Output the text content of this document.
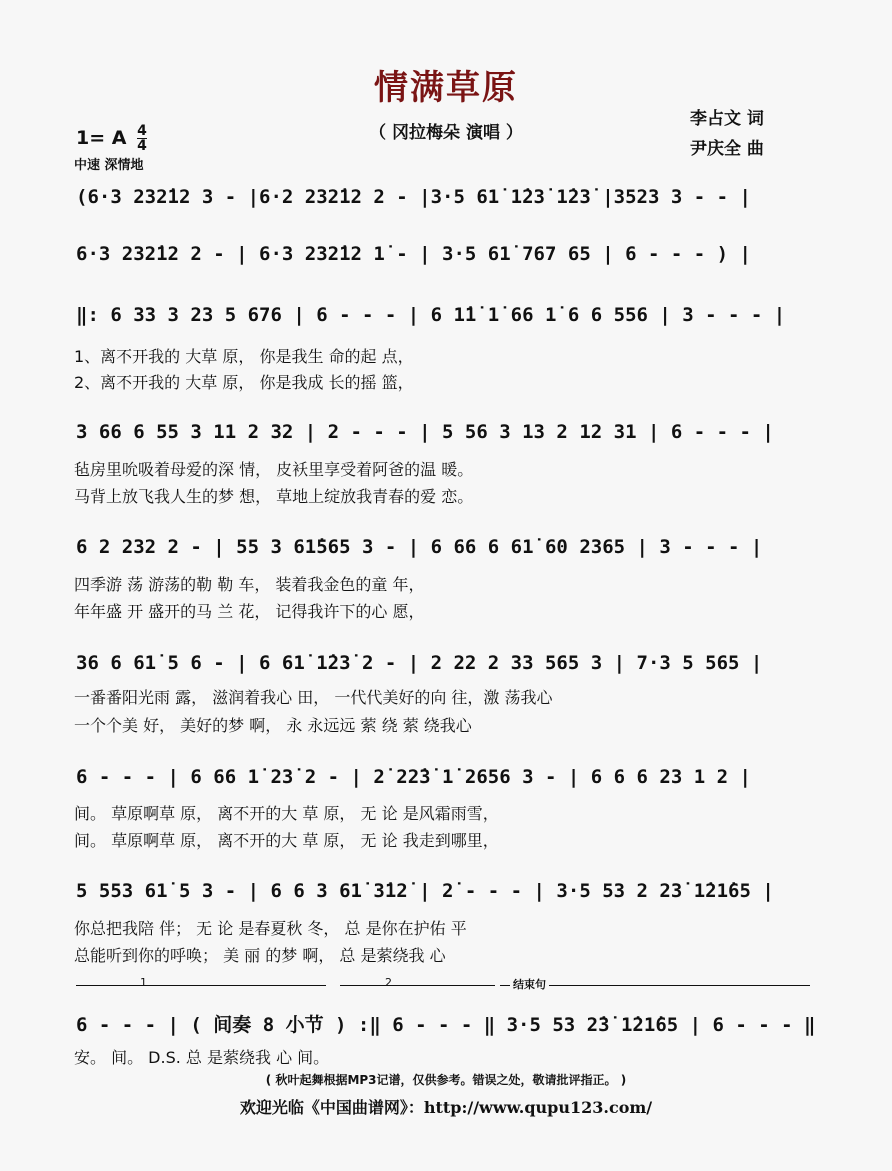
情满草原
（ 冈拉梅朵 演唱 ）
李占文 词
尹庆全 曲
1= A $\frac{4}{4}$
中速 深情地
(6·3 232̇12 3 - |6·2 232̇12 2 - |3·5 61̇ 1̇23̇ 1̇23̇ |3523 3 - - |
6·3 232̇12 2 - | 6·3 232̇12 1̇ - | 3·5 61̇ 767 65 | 6 - - - ) |
‖: 6 33 3 23 5 676 | 6 - - - | 6 1̇1̇ 1̇ 66 1̇ 6 6 556 | 3 - - - |
1、离不开我的 大草 原， 你是我生 命的起 点，
2、离不开我的 大草 原， 你是我成 长的摇 篮，
3 66 6 55 3 11 2 32 | 2 - - - | 5 56 3 13 2 12 31 | 6 - - - |
毡房里吮吸着母爱的深 情， 皮袄里享受着阿爸的温 暖。
马背上放飞我人生的梦 想， 草地上绽放我青春的爱 恋。
6 2 232 2 - | 55 3 61̇565 3 - | 6 66 6 61̇ 60 2365 | 3 - - - |
四季游 荡 游荡的勒 勒 车， 装着我金色的童 年，
年年盛 开 盛开的马 兰 花， 记得我许下的心 愿，
36 6 61̇ 5 6 - | 6 61̇ 1̇23̇ 2 - | 2 22 2 33 565 3 | 7·3 5 565 |
一番番阳光雨 露， 滋润着我心 田， 一代代美好的向 往，激 荡我心
一个个美 好， 美好的梦 啊， 永 永远远 萦 绕 萦 绕我心
6 - - - | 6 66 1̇ 23̇ 2 - | 2̇ 22̇3̇ 1̇ 2656 3 - | 6 6 6 23 1 2 |
间。 草原啊草 原， 离不开的大 草 原， 无 论 是风霜雨雪，
间。 草原啊草 原， 离不开的大 草 原， 无 论 我走到哪里，
5 553 61̇ 5 3 - | 6 6 3 61̇ 3̇12̇ | 2̇ - - - | 3·5 53 2 23̇ 1̇21̇65 |
你总把我陪 伴； 无 论 是春夏秋 冬， 总 是你在护佑 平
总能听到你的呼唤； 美 丽 的梦 啊， 总 是萦绕我 心
1	2	结束句
6 - - - | ( 间奏 8 小节 ) :‖ 6 - - - ‖ 3·5 53 2̇3̇ 1̇21̇65 | 6 - - - ‖
安。 间。 D.S. 总 是萦绕我 心 间。
( 秋叶起舞根据MP3记谱，仅供参考。错误之处，敬请批评指正。 )
欢迎光临《中国曲谱网》：http://www.qupu123.com/
